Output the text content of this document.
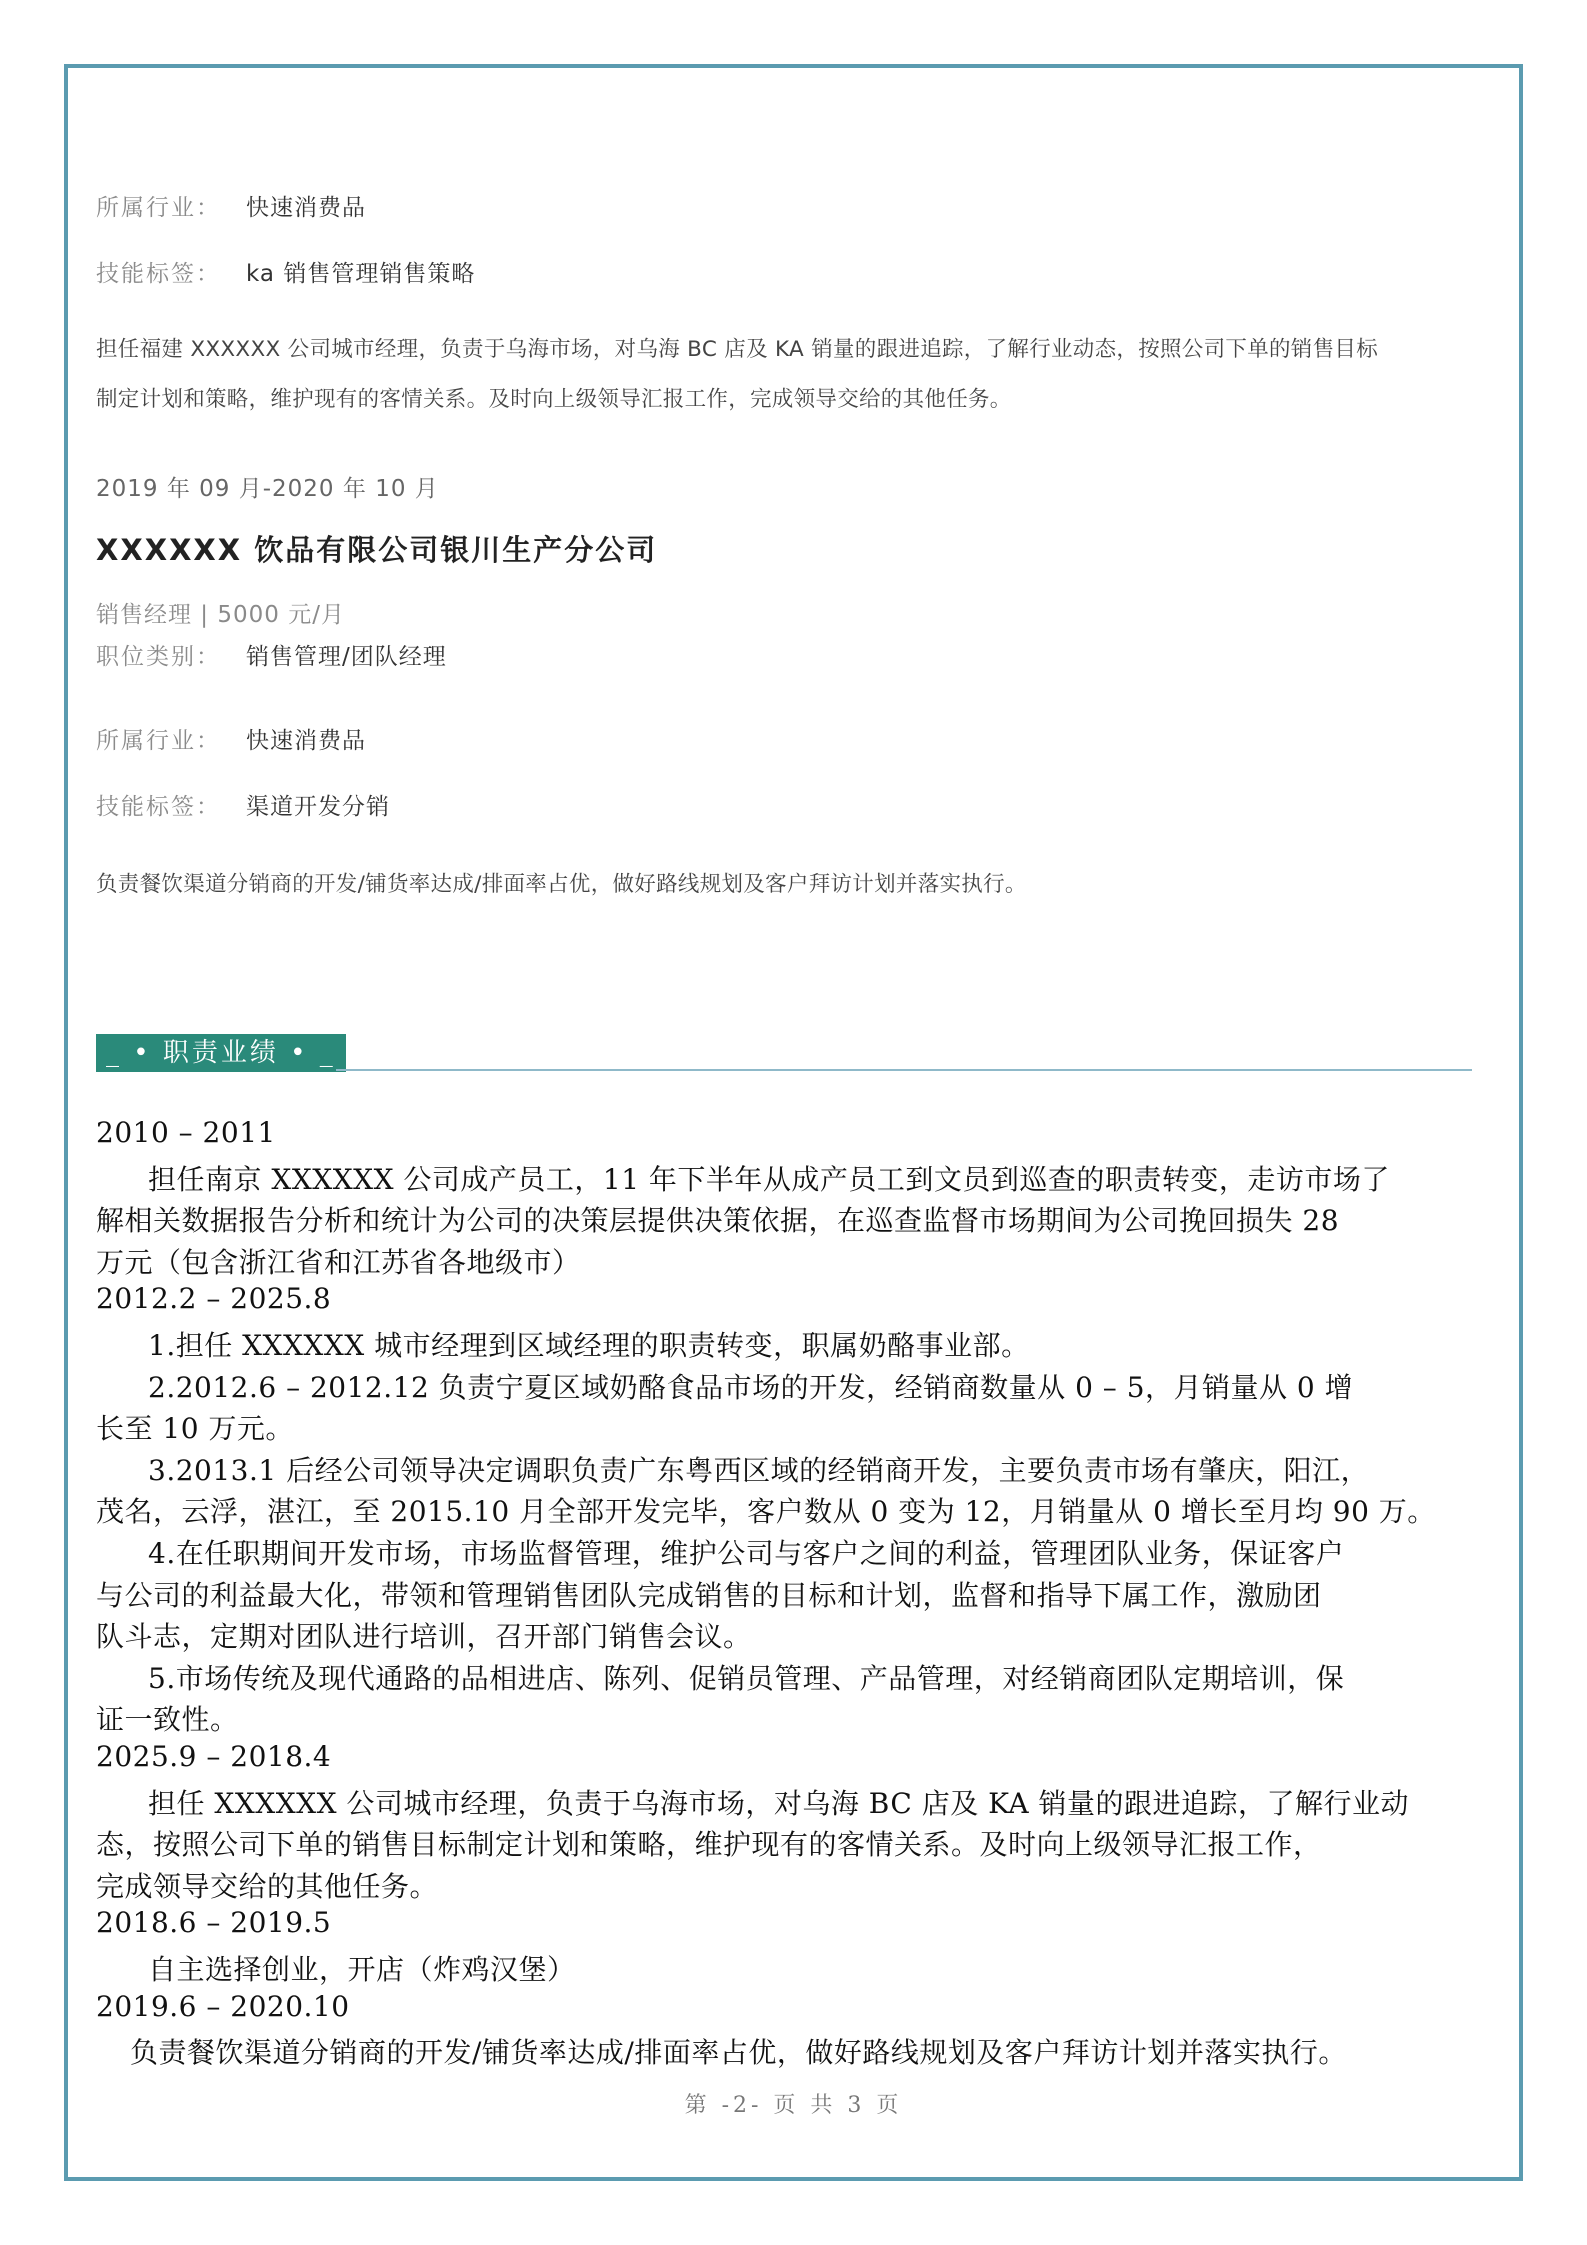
所属行业： 快速消费品
技能标签： ka 销售管理销售策略
担任福建 XXXXXX 公司城市经理，负责于乌海市场，对乌海 BC 店及 KA 销量的跟进追踪，了解行业动态，按照公司下单的销售目标
制定计划和策略，维护现有的客情关系。及时向上级领导汇报工作，完成领导交给的其他任务。
2019 年 09 月-2020 年 10 月
XXXXXX 饮品有限公司银川生产分公司
销售经理 | 5000 元/月
职位类别： 销售管理/团队经理
所属行业： 快速消费品
技能标签： 渠道开发分销
负责餐饮渠道分销商的开发/铺货率达成/排面率占优，做好路线规划及客户拜访计划并落实执行。
_ • 职责业绩 • _
2010 – 2011
担任南京 XXXXXX 公司成产员工，11 年下半年从成产员工到文员到巡查的职责转变，走访市场了
解相关数据报告分析和统计为公司的决策层提供决策依据，在巡查监督市场期间为公司挽回损失 28
万元（包含浙江省和江苏省各地级市）
2012.2 – 2025.8
1.担任 XXXXXX 城市经理到区域经理的职责转变，职属奶酪事业部。
2.2012.6 – 2012.12 负责宁夏区域奶酪食品市场的开发，经销商数量从 0 – 5，月销量从 0 增
长至 10 万元。
3.2013.1 后经公司领导决定调职负责广东粤西区域的经销商开发，主要负责市场有肇庆，阳江，
茂名，云浮，湛江，至 2015.10 月全部开发完毕，客户数从 0 变为 12，月销量从 0 增长至月均 90 万。
4.在任职期间开发市场，市场监督管理，维护公司与客户之间的利益，管理团队业务，保证客户
与公司的利益最大化，带领和管理销售团队完成销售的目标和计划，监督和指导下属工作，激励团
队斗志，定期对团队进行培训，召开部门销售会议。
5.市场传统及现代通路的品相进店、陈列、促销员管理、产品管理，对经销商团队定期培训，保
证一致性。
2025.9 – 2018.4
担任 XXXXXX 公司城市经理，负责于乌海市场，对乌海 BC 店及 KA 销量的跟进追踪，了解行业动
态，按照公司下单的销售目标制定计划和策略，维护现有的客情关系。及时向上级领导汇报工作，
完成领导交给的其他任务。
2018.6 – 2019.5
自主选择创业，开店（炸鸡汉堡）
2019.6 – 2020.10
负责餐饮渠道分销商的开发/铺货率达成/排面率占优，做好路线规划及客户拜访计划并落实执行。
第 -2- 页 共 3 页
